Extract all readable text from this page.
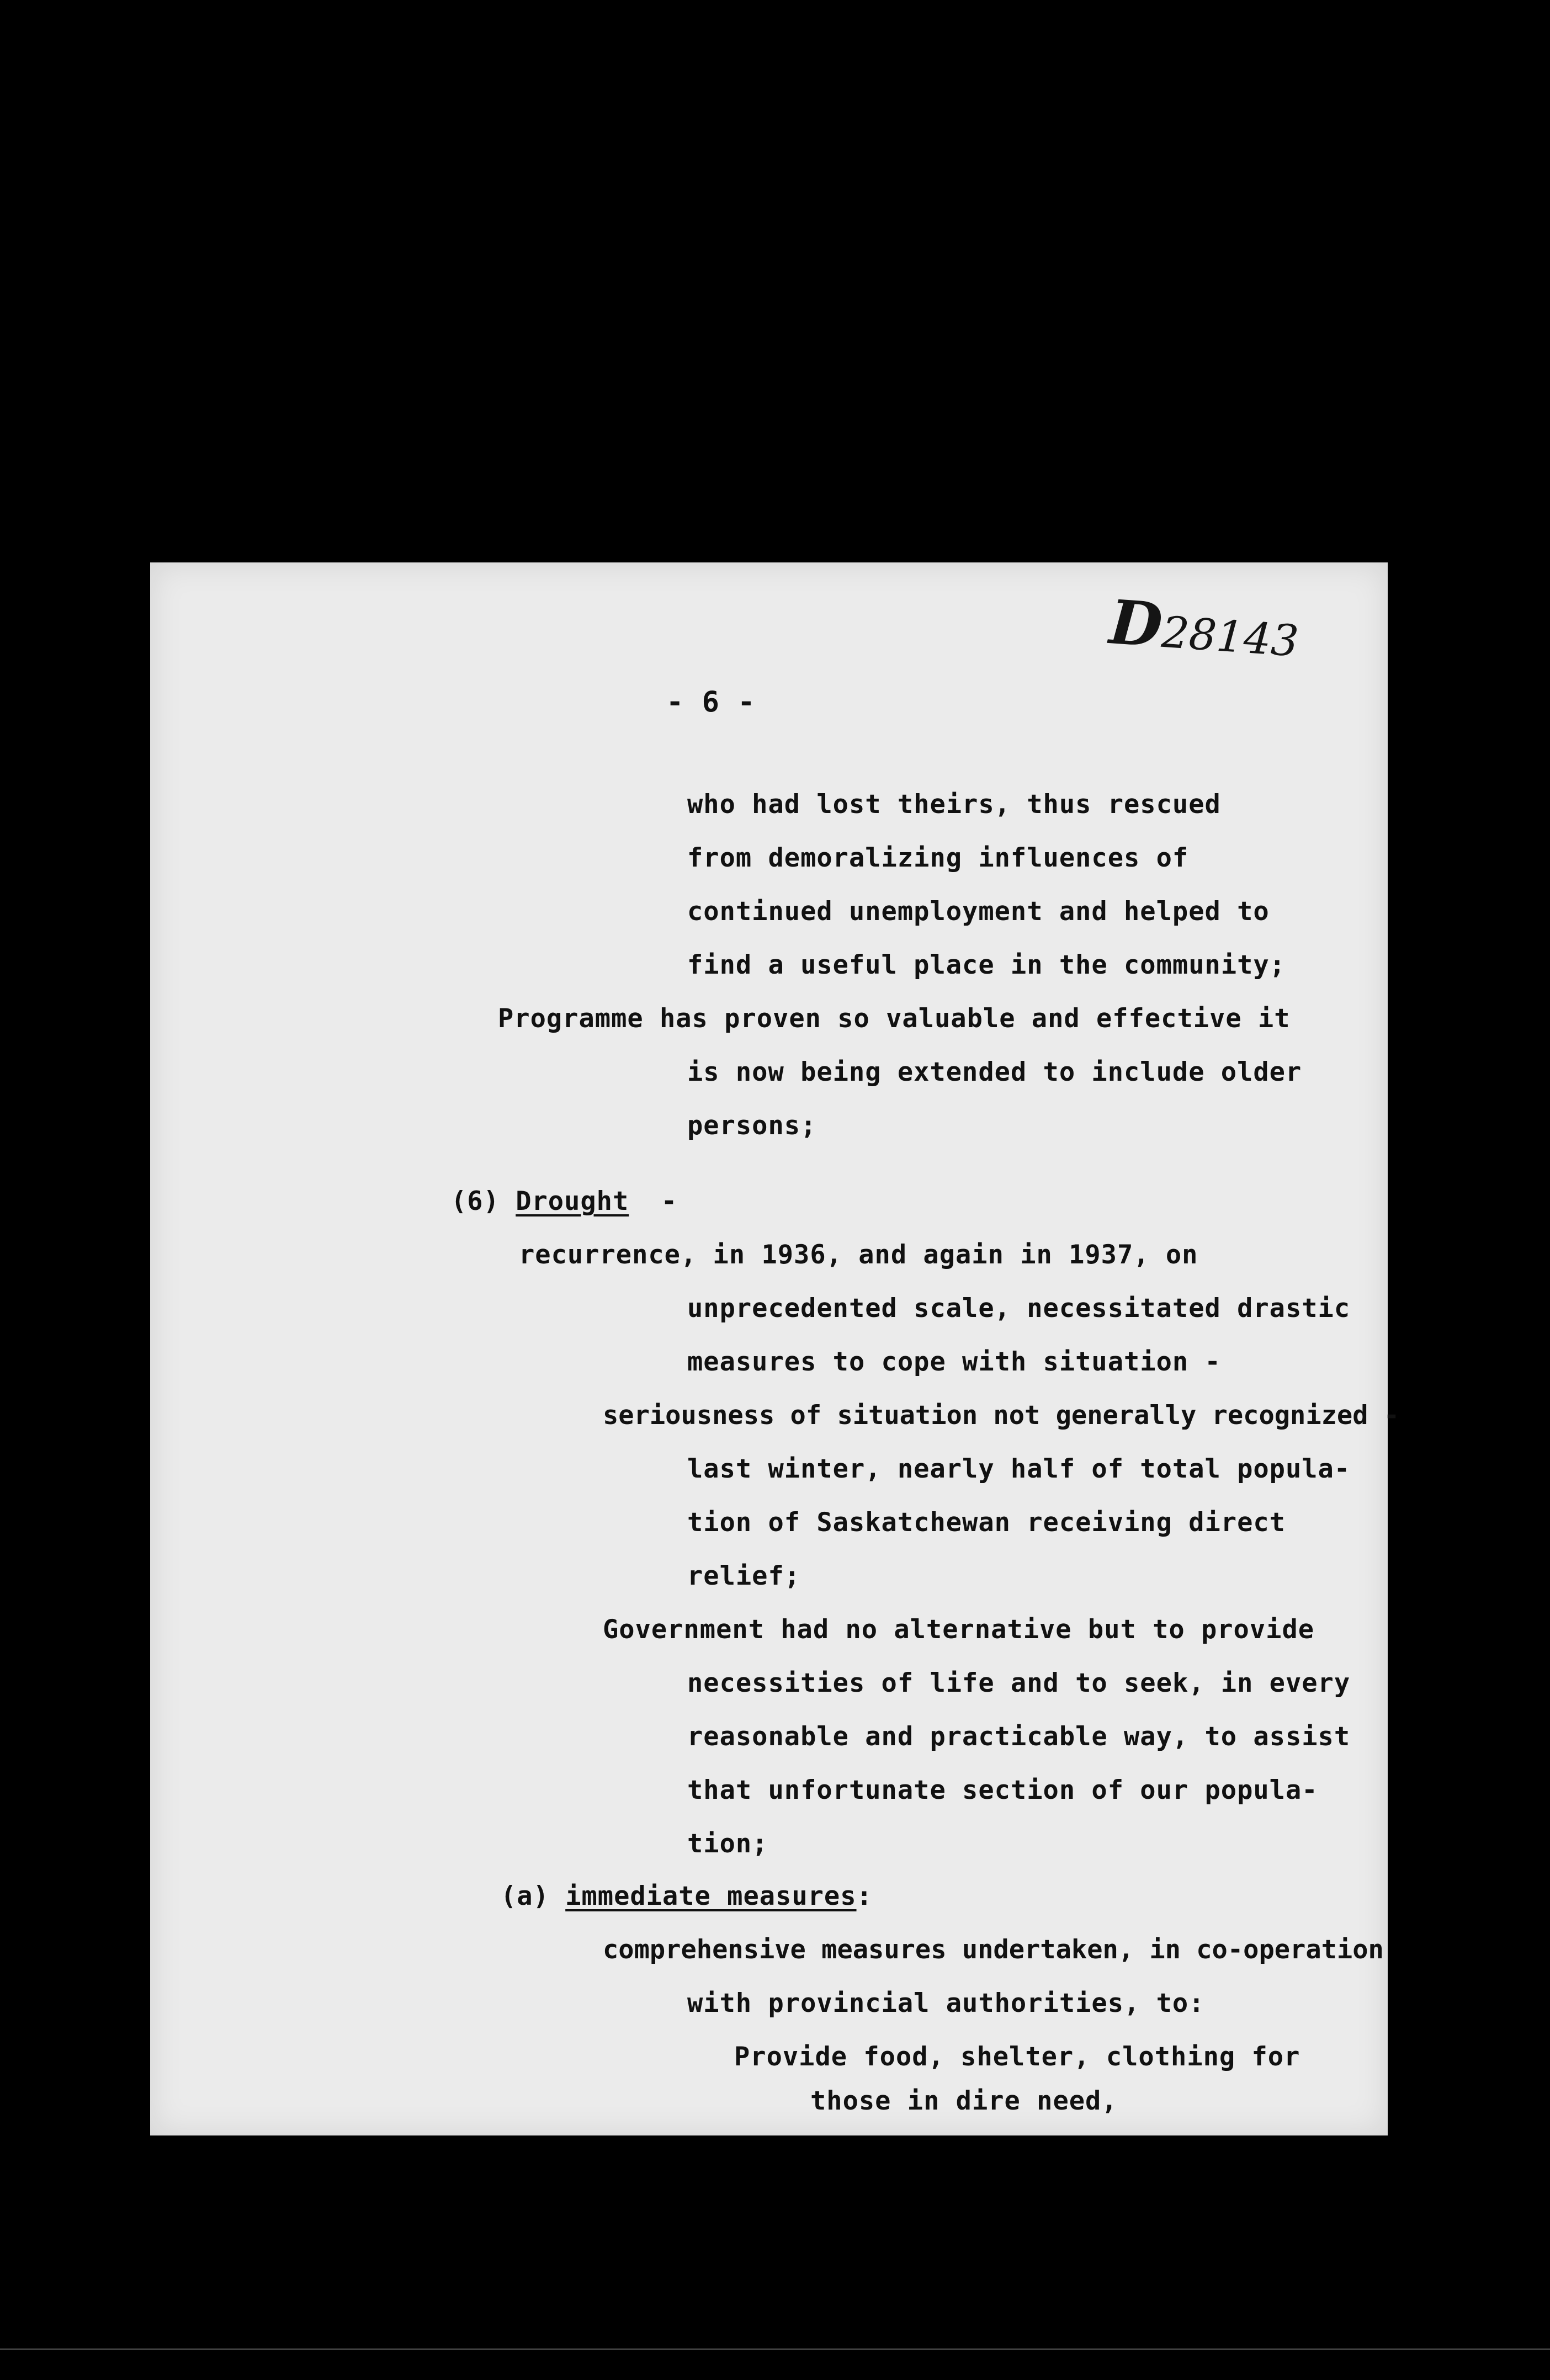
D28143
- 6 -
who had lost theirs, thus rescued
from demoralizing influences of
continued unemployment and helped to
find a useful place in the community;
Programme has proven so valuable and effective it
is now being extended to include older
persons;
(6) Drought -
recurrence, in 1936, and again in 1937, on
unprecedented scale, necessitated drastic
measures to cope with situation -
seriousness of situation not generally recognized -
last winter, nearly half of total popula-
tion of Saskatchewan receiving direct
relief;
Government had no alternative but to provide
necessities of life and to seek, in every
reasonable and practicable way, to assist
that unfortunate section of our popula-
tion;
(a) immediate measures:
comprehensive measures undertaken, in co-operation
with provincial authorities, to:
Provide food, shelter, clothing for
those in dire need,
